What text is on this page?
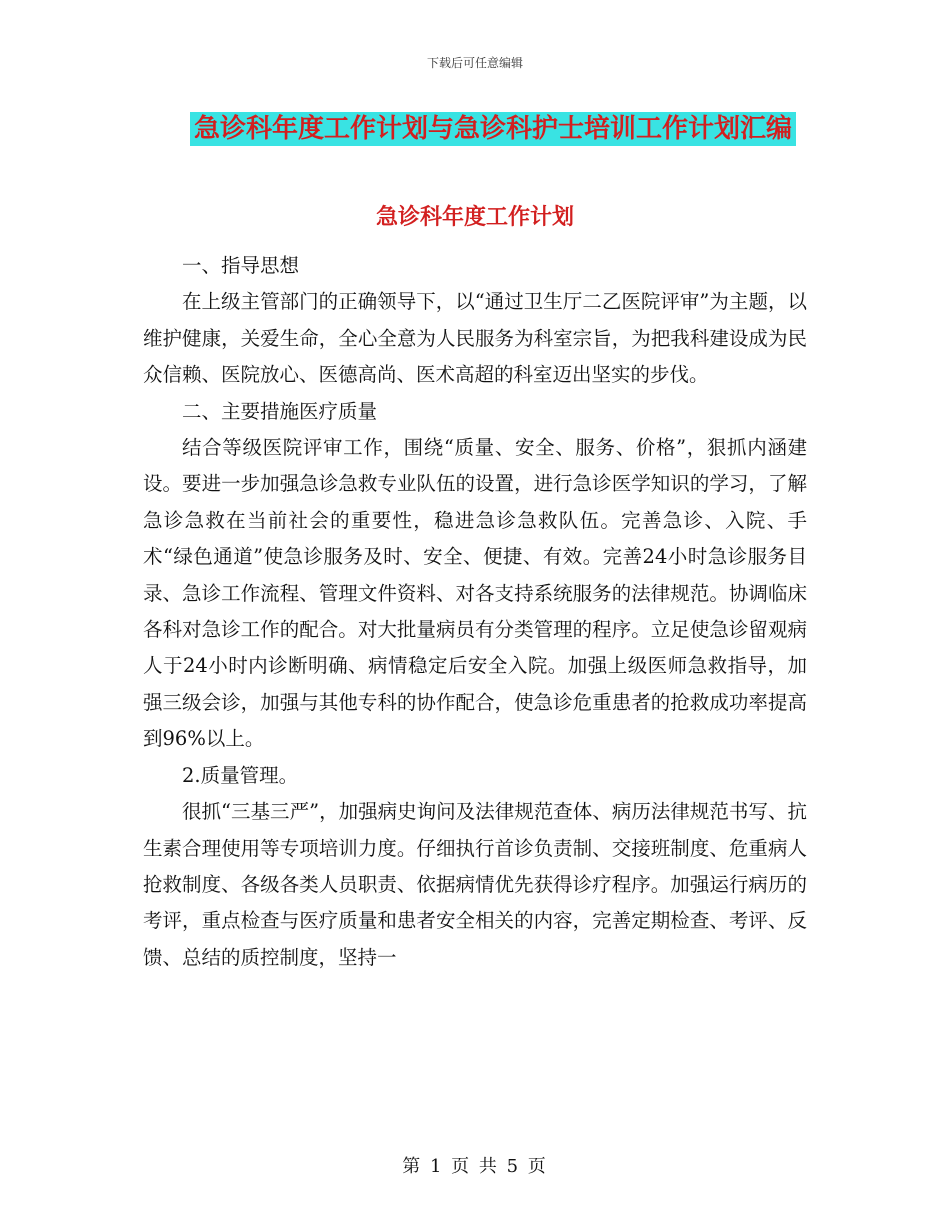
下载后可任意编辑
急诊科年度工作计划与急诊科护士培训工作计划汇编
急诊科年度工作计划

一、指导思想

在上级主管部门的正确领导下，以“通过卫生厅二乙医院评审”为主题，以维护健康，关爱生命，全心全意为人民服务为科室宗旨，为把我科建设成为民众信赖、医院放心、医德高尚、医术高超的科室迈出坚实的步伐。

二、主要措施医疗质量

结合等级医院评审工作，围绕“质量、安全、服务、价格”，狠抓内涵建设。要进一步加强急诊急救专业队伍的设置，进行急诊医学知识的学习，了解急诊急救在当前社会的重要性，稳进急诊急救队伍。完善急诊、入院、手术“绿色通道”使急诊服务及时、安全、便捷、有效。完善24小时急诊服务目录、急诊工作流程、管理文件资料、对各支持系统服务的法律规范。协调临床各科对急诊工作的配合。对大批量病员有分类管理的程序。立足使急诊留观病人于24小时内诊断明确、病情稳定后安全入院。加强上级医师急救指导，加强三级会诊，加强与其他专科的协作配合，使急诊危重患者的抢救成功率提高到96%以上。

2.质量管理。

很抓“三基三严”，加强病史询问及法律规范查体、病历法律规范书写、抗生素合理使用等专项培训力度。仔细执行首诊负责制、交接班制度、危重病人抢救制度、各级各类人员职责、依据病情优先获得诊疗程序。加强运行病历的考评，重点检查与医疗质量和患者安全相关的内容，完善定期检查、考评、反馈、总结的质控制度，坚持一

第 1 页 共 5 页
